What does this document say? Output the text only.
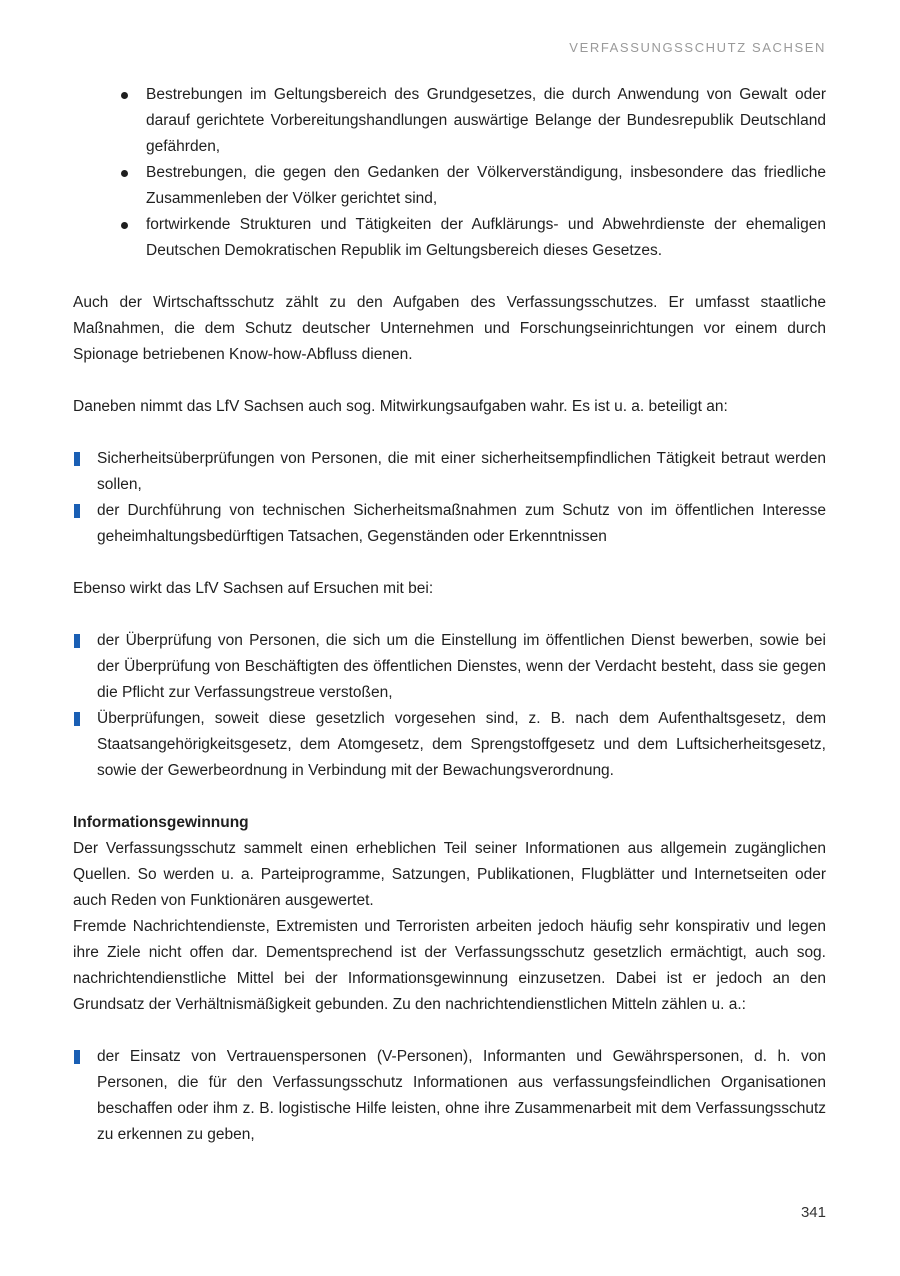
VERFASSUNGSSCHUTZ SACHSEN
Bestrebungen im Geltungsbereich des Grundgesetzes, die durch Anwendung von Gewalt oder darauf gerichtete Vorbereitungshandlungen auswärtige Belange der Bundesrepublik Deutschland gefährden,
Bestrebungen, die gegen den Gedanken der Völkerverständigung, insbesondere das friedliche Zusammenleben der Völker gerichtet sind,
fortwirkende Strukturen und Tätigkeiten der Aufklärungs- und Abwehrdienste der ehemaligen Deutschen Demokratischen Republik im Geltungsbereich dieses Gesetzes.

Auch der Wirtschaftsschutz zählt zu den Aufgaben des Verfassungsschutzes. Er umfasst staatliche Maßnahmen, die dem Schutz deutscher Unternehmen und Forschungseinrichtungen vor einem durch Spionage betriebenen Know-how-Abfluss dienen.

Daneben nimmt das LfV Sachsen auch sog. Mitwirkungsaufgaben wahr. Es ist u. a. beteiligt an:

Sicherheitsüberprüfungen von Personen, die mit einer sicherheitsempfindlichen Tätigkeit betraut werden sollen,
der Durchführung von technischen Sicherheitsmaßnahmen zum Schutz von im öffentlichen Interesse geheimhaltungsbedürftigen Tatsachen, Gegenständen oder Erkenntnissen

Ebenso wirkt das LfV Sachsen auf Ersuchen mit bei:

der Überprüfung von Personen, die sich um die Einstellung im öffentlichen Dienst bewerben, sowie bei der Überprüfung von Beschäftigten des öffentlichen Dienstes, wenn der Verdacht besteht, dass sie gegen die Pflicht zur Verfassungstreue verstoßen,
Überprüfungen, soweit diese gesetzlich vorgesehen sind, z. B. nach dem Aufenthaltsgesetz, dem Staatsangehörigkeitsgesetz, dem Atomgesetz, dem Sprengstoffgesetz und dem Luftsicherheitsgesetz, sowie der Gewerbeordnung in Verbindung mit der Bewachungsverordnung.

Informationsgewinnung

Der Verfassungsschutz sammelt einen erheblichen Teil seiner Informationen aus allgemein zugänglichen Quellen. So werden u. a. Parteiprogramme, Satzungen, Publikationen, Flugblätter und Internetseiten oder auch Reden von Funktionären ausgewertet.

Fremde Nachrichtendienste, Extremisten und Terroristen arbeiten jedoch häufig sehr konspirativ und legen ihre Ziele nicht offen dar. Dementsprechend ist der Verfassungsschutz gesetzlich ermächtigt, auch sog. nachrichtendienstliche Mittel bei der Informationsgewinnung einzusetzen. Dabei ist er jedoch an den Grundsatz der Verhältnismäßigkeit gebunden. Zu den nachrichtendienstlichen Mitteln zählen u. a.:

der Einsatz von Vertrauenspersonen (V-Personen), Informanten und Gewährspersonen, d. h. von Personen, die für den Verfassungsschutz Informationen aus verfassungsfeindlichen Organisationen beschaffen oder ihm z. B. logistische Hilfe leisten, ohne ihre Zusammenarbeit mit dem Verfassungsschutz zu erkennen zu geben,
341
